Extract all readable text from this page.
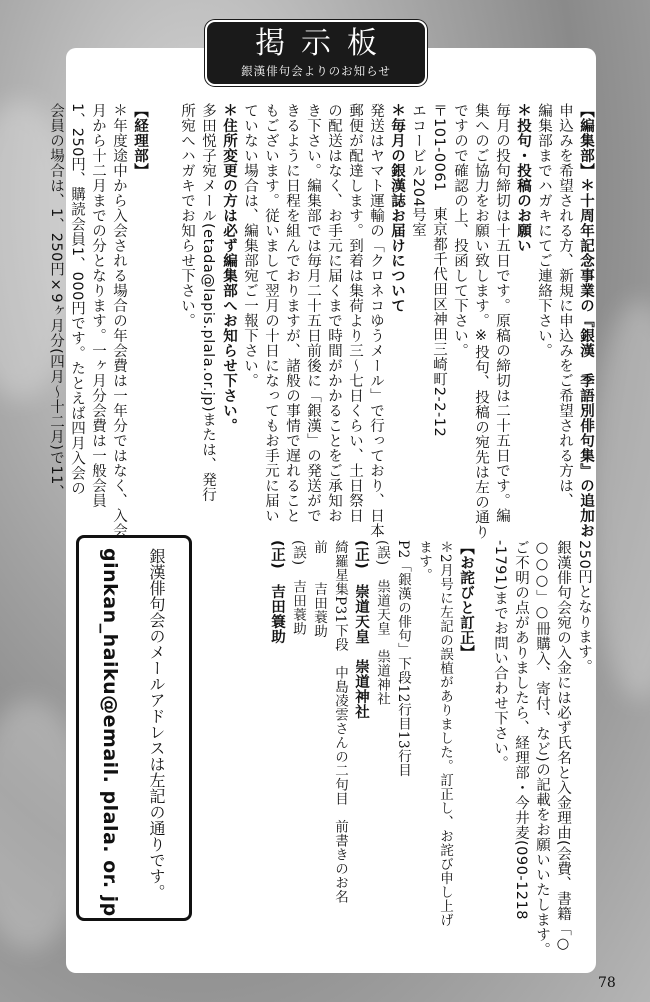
掲示板
銀漢俳句会よりのお知らせ
【編集部】＊十周年記念事業の『銀漢　季語別俳句集』の追加お
申込みを希望される方、新規に申込みをご希望される方は、
編集部までハガキにてご連絡下さい。
＊投句・投稿のお願い
毎月の投句締切は十五日です。原稿の締切は二十五日です。編
集へのご協力をお願い致します。※投句、投稿の宛先は左の通り
ですので確認の上、投函して下さい。
〒101-0061　東京都千代田区神田三崎町2-2-12
エコービル204号室
＊毎月の銀漢誌お届けについて
発送はヤマト運輸の「クロネコゆうメール」で行っており、日本
郵便が配達します。到着は集荷より三～七日くらい、土日祭日
の配送はなく、お手元に届くまで時間がかかることをご承知お
き下さい。編集部では毎月二十五日前後に「銀漢」の発送がで
きるように日程を組んでおりますが、諸般の事情で遅れること
もございます。従いまして翌月の十日になってもお手元に届い
ていない場合は、編集部宛ご一報下さい。
＊住所変更の方は必ず編集部へお知らせ下さい。
多田悦子宛メール(etada@lapis.plala.or.jp)または、発行
所宛へハガキでお知らせ下さい。
【経理部】
＊年度途中から入会される場合の年会費は一年分ではなく、入会
月から十二月までの分となります。一ヶ月分会費は一般会員
1、250円、購読会員1、000円です。たとえば四月入会の
会員の場合は、1、250円×9ヶ月分(四月～十二月)で11、
250円となります。
銀漢俳句会宛の入金には必ず氏名と入金理由(会費、書籍「○
○○○」○冊購入、寄付、など)の記載をお願いいたします。
ご不明の点がありましたら、経理部・今井麦(090-1218
-1791)までお問い合わせ下さい。
【お詫びと訂正】
＊2月号に左記の誤植がありました。訂正し、お詫び申し上げ
ます。
P2「銀漢の俳句」下段12行目13行目
(誤)　祟道天皇　祟道神社
(正)　崇道天皇　崇道神社
綺羅星集P31下段　中島凌雲さんの二句目　前書きのお名
前　　吉田蓑助
(誤)　吉田蓑助
(正)　吉田簑助
銀漢俳句会のメールアドレスは左記の通りです。
ginkan_haiku@email. plala. or. jp
78
